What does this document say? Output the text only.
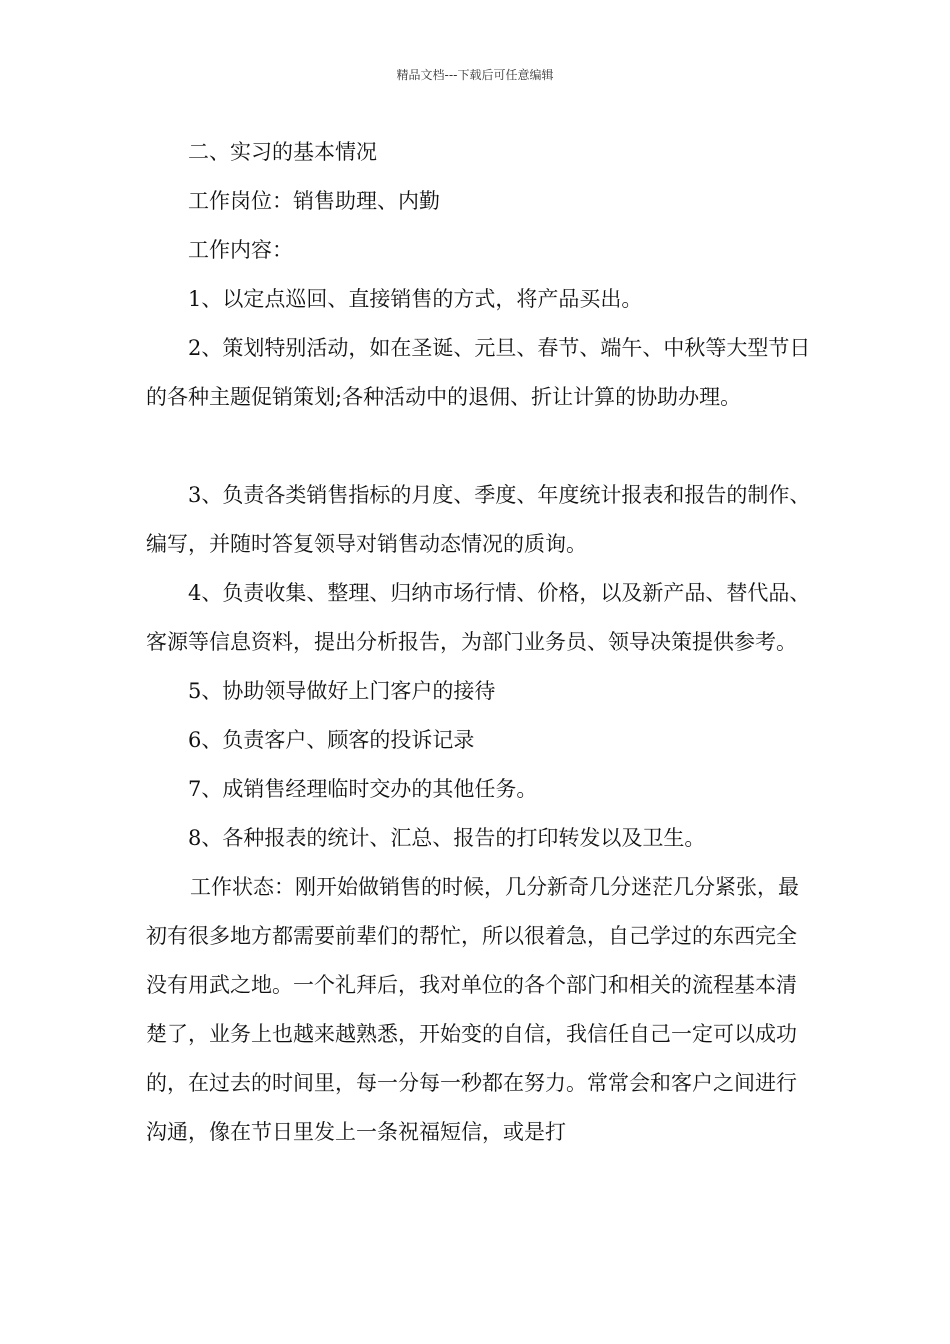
精品文档---下载后可任意编辑

二、实习的基本情况

工作岗位：销售助理、内勤

工作内容：

1、以定点巡回、直接销售的方式，将产品买出。

2、策划特别活动，如在圣诞、元旦、春节、端午、中秋等大型节日的各种主题促销策划;各种活动中的退佣、折让计算的协助办理。

3、负责各类销售指标的月度、季度、年度统计报表和报告的制作、编写，并随时答复领导对销售动态情况的质询。

4、负责收集、整理、归纳市场行情、价格，以及新产品、替代品、客源等信息资料，提出分析报告，为部门业务员、领导决策提供参考。

5、协助领导做好上门客户的接待

6、负责客户、顾客的投诉记录

7、成销售经理临时交办的其他任务。

8、各种报表的统计、汇总、报告的打印转发以及卫生。

工作状态：刚开始做销售的时候，几分新奇几分迷茫几分紧张，最初有很多地方都需要前辈们的帮忙，所以很着急，自己学过的东西完全没有用武之地。一个礼拜后，我对单位的各个部门和相关的流程基本清楚了，业务上也越来越熟悉，开始变的自信，我信任自己一定可以成功的，在过去的时间里，每一分每一秒都在努力。常常会和客户之间进行沟通，像在节日里发上一条祝福短信，或是打
